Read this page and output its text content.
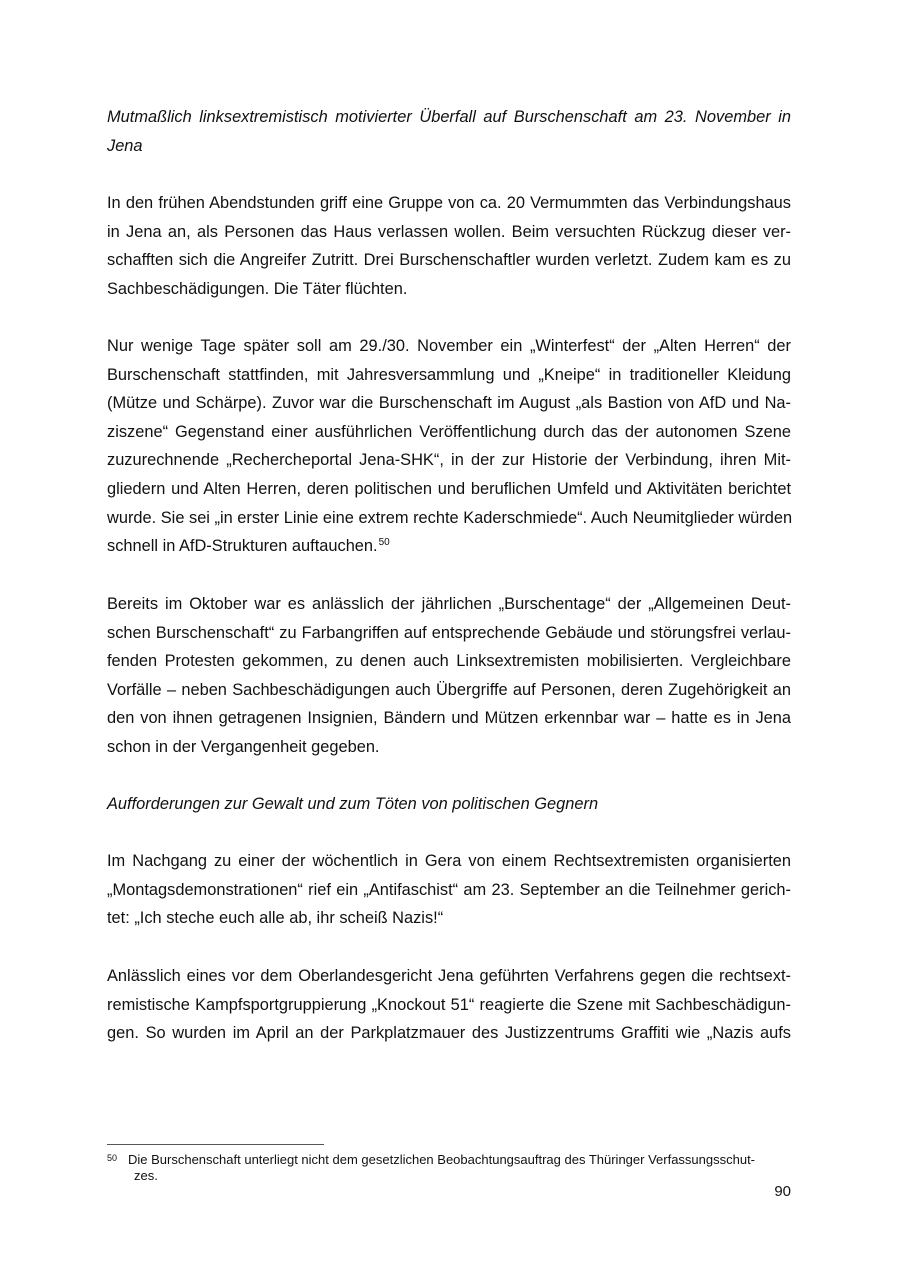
Mutmaßlich linksextremistisch motivierter Überfall auf Burschenschaft am 23. November in
Jena
In den frühen Abendstunden griff eine Gruppe von ca. 20 Vermummten das Verbindungshaus
in Jena an, als Personen das Haus verlassen wollen. Beim versuchten Rückzug dieser ver-
schafften sich die Angreifer Zutritt. Drei Burschenschaftler wurden verletzt. Zudem kam es zu
Sachbeschädigungen. Die Täter flüchten.
Nur wenige Tage später soll am 29./30. November ein „Winterfest“ der „Alten Herren“ der
Burschenschaft stattfinden, mit Jahresversammlung und „Kneipe“ in traditioneller Kleidung
(Mütze und Schärpe). Zuvor war die Burschenschaft im August „als Bastion von AfD und Na-
ziszene“ Gegenstand einer ausführlichen Veröffentlichung durch das der autonomen Szene
zuzurechnende „Rechercheportal Jena-SHK“, in der zur Historie der Verbindung, ihren Mit-
gliedern und Alten Herren, deren politischen und beruflichen Umfeld und Aktivitäten berichtet
wurde. Sie sei „in erster Linie eine extrem rechte Kaderschmiede“. Auch Neumitglieder würden
schnell in AfD-Strukturen auftauchen.$^{50}$
Bereits im Oktober war es anlässlich der jährlichen „Burschentage“ der „Allgemeinen Deut-
schen Burschenschaft“ zu Farbangriffen auf entsprechende Gebäude und störungsfrei verlau-
fenden Protesten gekommen, zu denen auch Linksextremisten mobilisierten. Vergleichbare
Vorfälle – neben Sachbeschädigungen auch Übergriffe auf Personen, deren Zugehörigkeit an
den von ihnen getragenen Insignien, Bändern und Mützen erkennbar war – hatte es in Jena
schon in der Vergangenheit gegeben.
Aufforderungen zur Gewalt und zum Töten von politischen Gegnern
Im Nachgang zu einer der wöchentlich in Gera von einem Rechtsextremisten organisierten
„Montagsdemonstrationen“ rief ein „Antifaschist“ am 23. September an die Teilnehmer gerich-
tet: „Ich steche euch alle ab, ihr scheiß Nazis!“
Anlässlich eines vor dem Oberlandesgericht Jena geführten Verfahrens gegen die rechtsext-
remistische Kampfsportgruppierung „Knockout 51“ reagierte die Szene mit Sachbeschädigun-
gen. So wurden im April an der Parkplatzmauer des Justizzentrums Graffiti wie „Nazis aufs
50 Die Burschenschaft unterliegt nicht dem gesetzlichen Beobachtungsauftrag des Thüringer Verfassungsschut-
zes.
90
